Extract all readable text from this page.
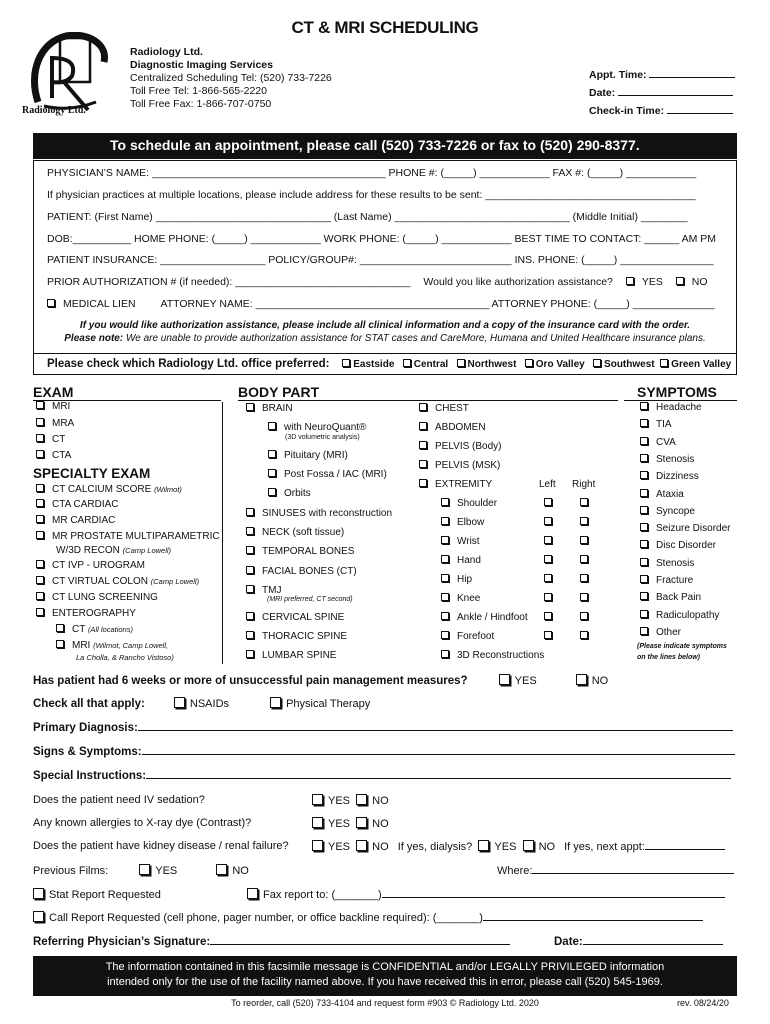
CT & MRI SCHEDULING
Radiology Ltd.
Radiology Ltd.
Diagnostic Imaging Services
Centralized Scheduling Tel: (520) 733-7226
Toll Free Tel: 1-866-565-2220
Toll Free Fax: 1-866-707-0750
Appt. Time:
Date:
Check-in Time:
To schedule an appointment, please call (520) 733-7226 or fax to (520) 290-8377.
PHYSICIAN’S NAME: ________________________________________ PHONE #: (_____) ____________ FAX #: (_____) ____________
If physician practices at multiple locations, please include address for these results to be sent: ____________________________________
PATIENT: (First Name) ______________________________ (Last Name) ______________________________ (Middle Initial) ________
DOB:__________ HOME PHONE: (_____) ____________ WORK PHONE: (_____) ____________ BEST TIME TO CONTACT: ______ AM PM
PATIENT INSURANCE: __________________ POLICY/GROUP#: __________________________ INS. PHONE: (_____) ________________
PRIOR AUTHORIZATION # (if needed): ______________________________ Would you like authorization assistance?	YES	NO
MEDICAL LIEN ATTORNEY NAME: ________________________________________ ATTORNEY PHONE: (_____) ______________
If you would like authorization assistance, please include all clinical information and a copy of the insurance card with the order.
Please note: We are unable to provide authorization assistance for STAT cases and CareMore, Humana and United Healthcare insurance plans.
Please check which Radiology Ltd. office preferred: Eastside Central Northwest Oro Valley Southwest Green Valley
EXAM	BODY PART	SYMPTOMS
MRI
MRA
CT
CTA
SPECIALTY EXAM
CT CALCIUM SCORE (Wilmot)
CTA CARDIAC
MR CARDIAC
MR PROSTATE MULTIPARAMETRIC
W/3D RECON (Camp Lowell)
CT IVP - UROGRAM
CT VIRTUAL COLON (Camp Lowell)
CT LUNG SCREENING
ENTEROGRAPHY
CT (All locations)
MRI (Wilmot, Camp Lowell,
La Cholla, & Rancho Vistoso)
BRAIN
with NeuroQuant®
(3D volumetric analysis)
Pituitary (MRI)
Post Fossa / IAC (MRI)
Orbits
SINUSES with reconstruction
NECK (soft tissue)
TEMPORAL BONES
FACIAL BONES (CT)
TMJ
(MRI preferred, CT second)
CERVICAL SPINE
THORACIC SPINE
LUMBAR SPINE
CHEST
ABDOMEN
PELVIS (Body)
PELVIS (MSK)
EXTREMITY	Left Right
Shoulder
Elbow
Wrist
Hand
Hip
Knee
Ankle / Hindfoot
Forefoot
3D Reconstructions
Headache
TIA
CVA
Stenosis
Dizziness
Ataxia
Syncope
Seizure Disorder
Disc Disorder
Stenosis
Fracture
Back Pain
Radiculopathy
Other
(Please indicate symptoms
on the lines below)
Has patient had 6 weeks or more of unsuccessful pain management measures?	YES	NO
Check all that apply:	NSAIDs	Physical Therapy
Primary Diagnosis:
Signs & Symptoms:
Special Instructions:
Does the patient need IV sedation?	YES NO
Any known allergies to X-ray dye (Contrast)?	YES NO
Does the patient have kidney disease / renal failure?	YES NO If yes, dialysis? YES NO If yes, next appt:
Previous Films:	YES	NO	Where:
Stat Report Requested	Fax report to: (_______)
Call Report Requested (cell phone, pager number, or office backline required): (_______)
Referring Physician’s Signature:	Date:
The information contained in this facsimile message is CONFIDENTIAL and/or LEGALLY PRIVILEGED information
intended only for the use of the facility named above. If you have received this in error, please call (520) 545-1969.
To reorder, call (520) 733-4104 and request form #903 © Radiology Ltd. 2020	rev. 08/24/20
